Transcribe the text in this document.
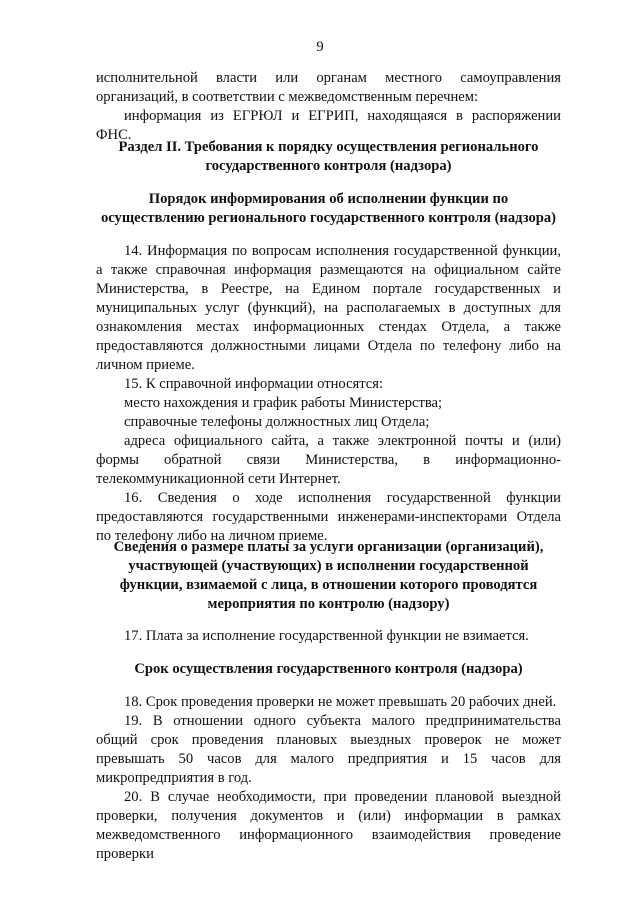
9

исполнительной власти или органам местного самоуправления организаций, в соответствии с межведомственным перечнем:

информация из ЕГРЮЛ и ЕГРИП, находящаяся в распоряжении ФНС.

Раздел II. Требования к порядку осуществления регионального государственного контроля (надзора)

Порядок информирования об исполнении функции по осуществлению регионального государственного контроля (надзора)

14. Информация по вопросам исполнения государственной функции, а также справочная информация размещаются на официальном сайте Министерства, в Реестре, на Едином портале государственных и муниципальных услуг (функций), на располагаемых в доступных для ознакомления местах информационных стендах Отдела, а также предоставляются должностными лицами Отдела по телефону либо на личном приеме.

15. К справочной информации относятся:

место нахождения и график работы Министерства;

справочные телефоны должностных лиц Отдела;

адреса официального сайта, а также электронной почты и (или) формы обратной связи Министерства, в информационно-телекоммуникационной сети Интернет.

16. Сведения о ходе исполнения государственной функции предоставляются государственными инженерами-инспекторами Отдела по телефону либо на личном приеме.

Сведения о размере платы за услуги организации (организаций), участвующей (участвующих) в исполнении государственной функции, взимаемой с лица, в отношении которого проводятся мероприятия по контролю (надзору)

17. Плата за исполнение государственной функции не взимается.

Срок осуществления государственного контроля (надзора)

18. Срок проведения проверки не может превышать 20 рабочих дней.

19. В отношении одного субъекта малого предпринимательства общий срок проведения плановых выездных проверок не может превышать 50 часов для малого предприятия и 15 часов для микропредприятия в год.

20. В случае необходимости, при проведении плановой выездной проверки, получения документов и (или) информации в рамках межведомственного информационного взаимодействия проведение проверки
